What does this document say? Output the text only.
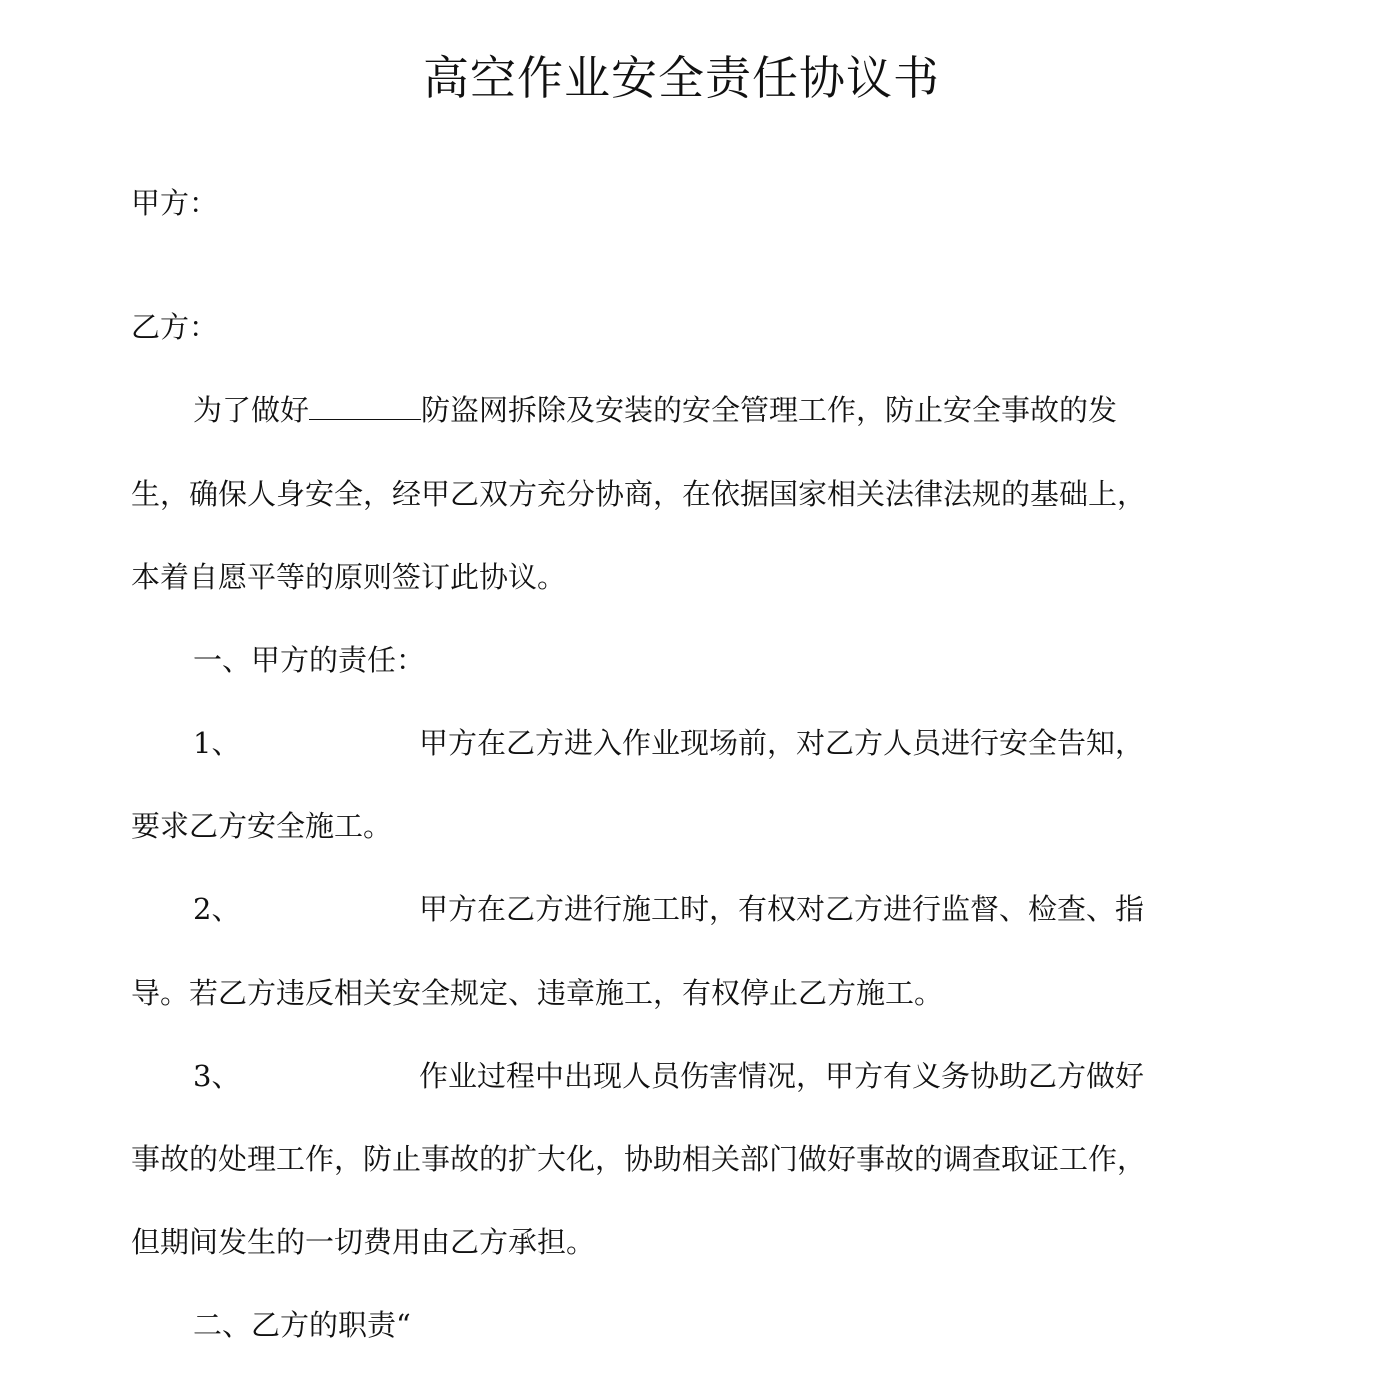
高空作业安全责任协议书
甲方：
乙方：
为了做好	防盗网拆除及安装的安全管理工作，防止安全事故的发
生，确保人身安全，经甲乙双方充分协商，在依据国家相关法律法规的基础上，
本着自愿平等的原则签订此协议。
一、甲方的责任：
1、	甲方在乙方进入作业现场前，对乙方人员进行安全告知，
要求乙方安全施工。
2、	甲方在乙方进行施工时，有权对乙方进行监督、检查、指
导。若乙方违反相关安全规定、违章施工，有权停止乙方施工。
3、	作业过程中出现人员伤害情况，甲方有义务协助乙方做好
事故的处理工作，防止事故的扩大化，协助相关部门做好事故的调查取证工作，
但期间发生的一切费用由乙方承担。
二、乙方的职责“
